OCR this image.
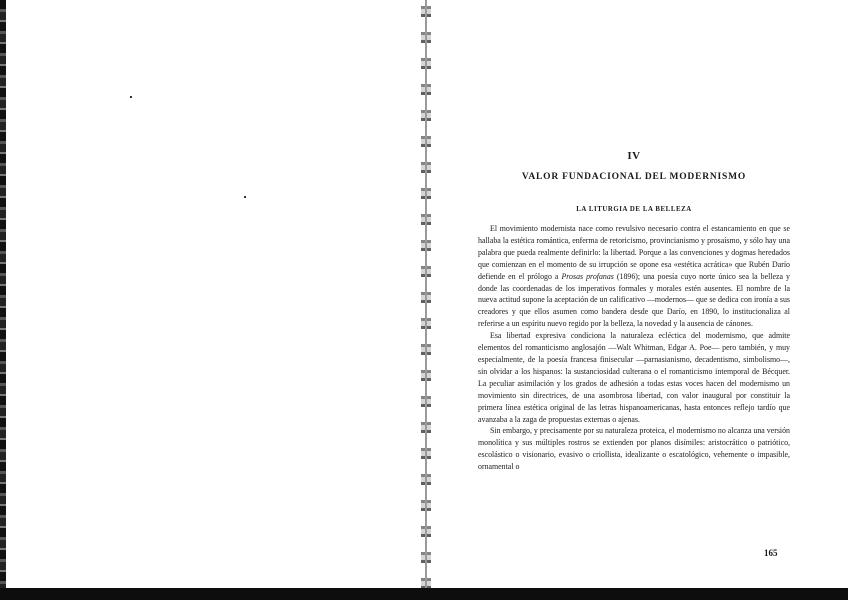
IV
VALOR FUNDACIONAL DEL MODERNISMO
LA LITURGIA DE LA BELLEZA

El movimiento modernista nace como revulsivo necesario contra el estancamiento en que se hallaba la estética romántica, enferma de retoricismo, provincianismo y prosaísmo, y sólo hay una palabra que pueda realmente definirlo: la libertad. Porque a las convenciones y dogmas heredados que comienzan en el momento de su irrupción se opone esa «estética acrática» que Rubén Darío defiende en el prólogo a Prosas profanas (1896); una poesía cuyo norte único sea la belleza y donde las coordenadas de los imperativos formales y morales estén ausentes. El nombre de la nueva actitud supone la aceptación de un calificativo —modernos— que se dedica con ironía a sus creadores y que ellos asumen como bandera desde que Darío, en 1890, lo institucionaliza al referirse a un espíritu nuevo regido por la belleza, la novedad y la ausencia de cánones.

Esa libertad expresiva condiciona la naturaleza ecléctica del modernismo, que admite elementos del romanticismo anglosajón —Walt Whitman, Edgar A. Poe— pero también, y muy especialmente, de la poesía francesa finisecular —parnasianismo, decadentismo, simbolismo—, sin olvidar a los hispanos: la sustanciosidad culterana o el romanticismo intemporal de Bécquer. La peculiar asimilación y los grados de adhesión a todas estas voces hacen del modernismo un movimiento sin directrices, de una asombrosa libertad, con valor inaugural por constituir la primera línea estética original de las letras hispanoamericanas, hasta entonces reflejo tardío que avanzaba a la zaga de propuestas externas o ajenas.

Sin embargo, y precisamente por su naturaleza proteica, el modernismo no alcanza una versión monolítica y sus múltiples rostros se extienden por planos disímiles: aristocrático o patriótico, escolástico o visionario, evasivo o criollista, idealizante o escatológico, vehemente o impasible, ornamental o

165
